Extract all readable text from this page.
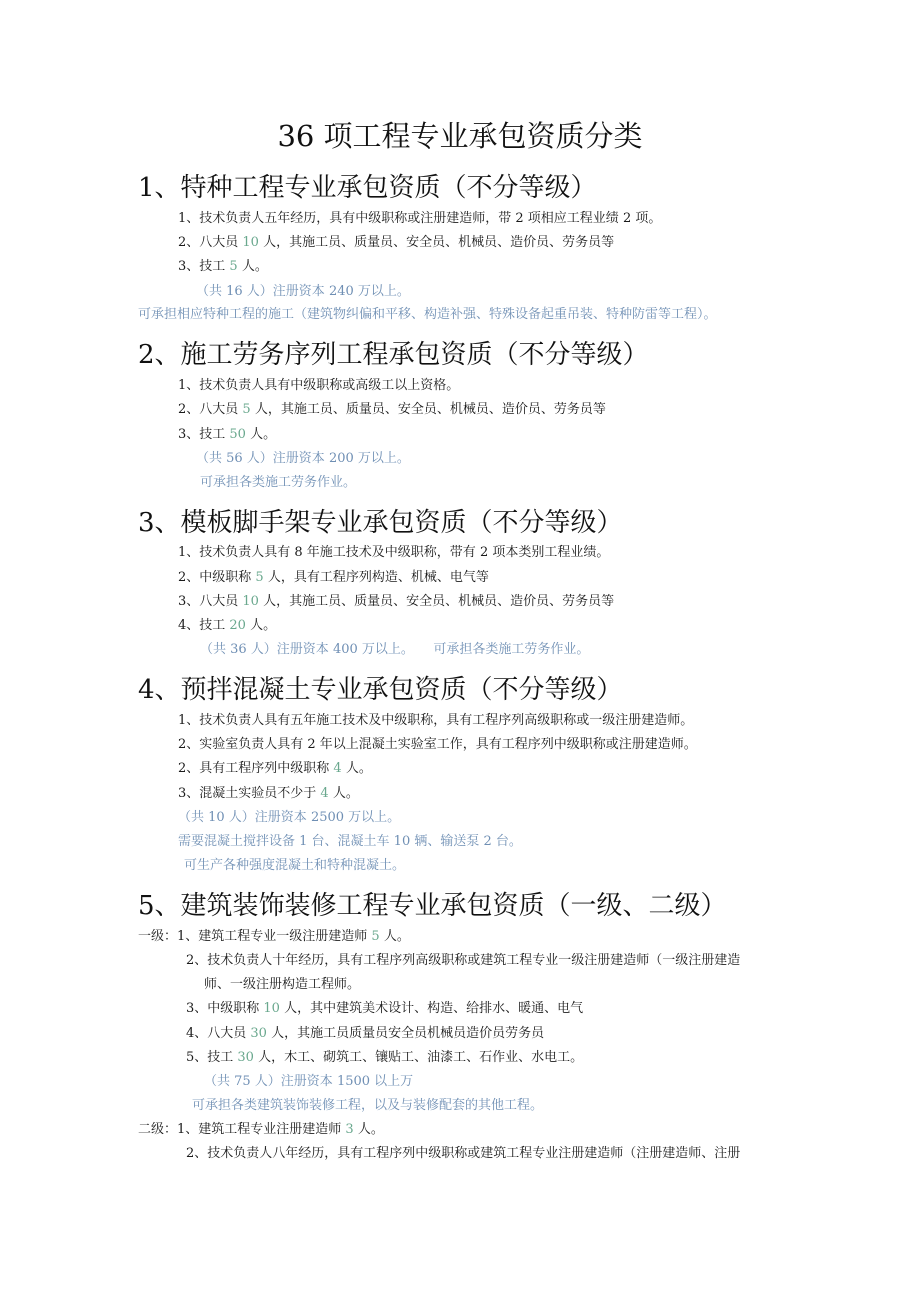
36 项工程专业承包资质分类
1、特种工程专业承包资质（不分等级）
1、技术负责人五年经历，具有中级职称或注册建造师，带 2 项相应工程业绩 2 项。
2、八大员 10 人，其施工员、质量员、安全员、机械员、造价员、劳务员等
3、技工 5 人。
（共 16 人）注册资本 240 万以上。
可承担相应特种工程的施工（建筑物纠偏和平移、构造补强、特殊设备起重吊装、特种防雷等工程）。
2、施工劳务序列工程承包资质（不分等级）
1、技术负责人具有中级职称或高级工以上资格。
2、八大员 5 人，其施工员、质量员、安全员、机械员、造价员、劳务员等
3、技工 50 人。
（共 56 人）注册资本 200 万以上。
可承担各类施工劳务作业。
3、模板脚手架专业承包资质（不分等级）
1、技术负责人具有 8 年施工技术及中级职称，带有 2 项本类别工程业绩。
2、中级职称 5 人，具有工程序列构造、机械、电气等
3、八大员 10 人，其施工员、质量员、安全员、机械员、造价员、劳务员等
4、技工 20 人。
（共 36 人）注册资本 400 万以上。　　可承担各类施工劳务作业。
4、预拌混凝土专业承包资质（不分等级）
1、技术负责人具有五年施工技术及中级职称，具有工程序列高级职称或一级注册建造师。
2、实验室负责人具有 2 年以上混凝土实验室工作，具有工程序列中级职称或注册建造师。
2、具有工程序列中级职称 4 人。
3、混凝土实验员不少于 4 人。
（共 10 人）注册资本 2500 万以上。
需要混凝土搅拌设备 1 台、混凝土车 10 辆、输送泵 2 台。
可生产各种强度混凝土和特种混凝土。
5、建筑装饰装修工程专业承包资质（一级、二级）
一级：1、建筑工程专业一级注册建造师 5 人。
2、技术负责人十年经历，具有工程序列高级职称或建筑工程专业一级注册建造师（一级注册建造
师、一级注册构造工程师。
3、中级职称 10 人，其中建筑美术设计、构造、给排水、暖通、电气
4、八大员 30 人，其施工员质量员安全员机械员造价员劳务员
5、技工 30 人，木工、砌筑工、镶贴工、油漆工、石作业、水电工。
（共 75 人）注册资本 1500 以上万
可承担各类建筑装饰装修工程，以及与装修配套的其他工程。
二级：1、建筑工程专业注册建造师 3 人。
2、技术负责人八年经历，具有工程序列中级职称或建筑工程专业注册建造师（注册建造师、注册
